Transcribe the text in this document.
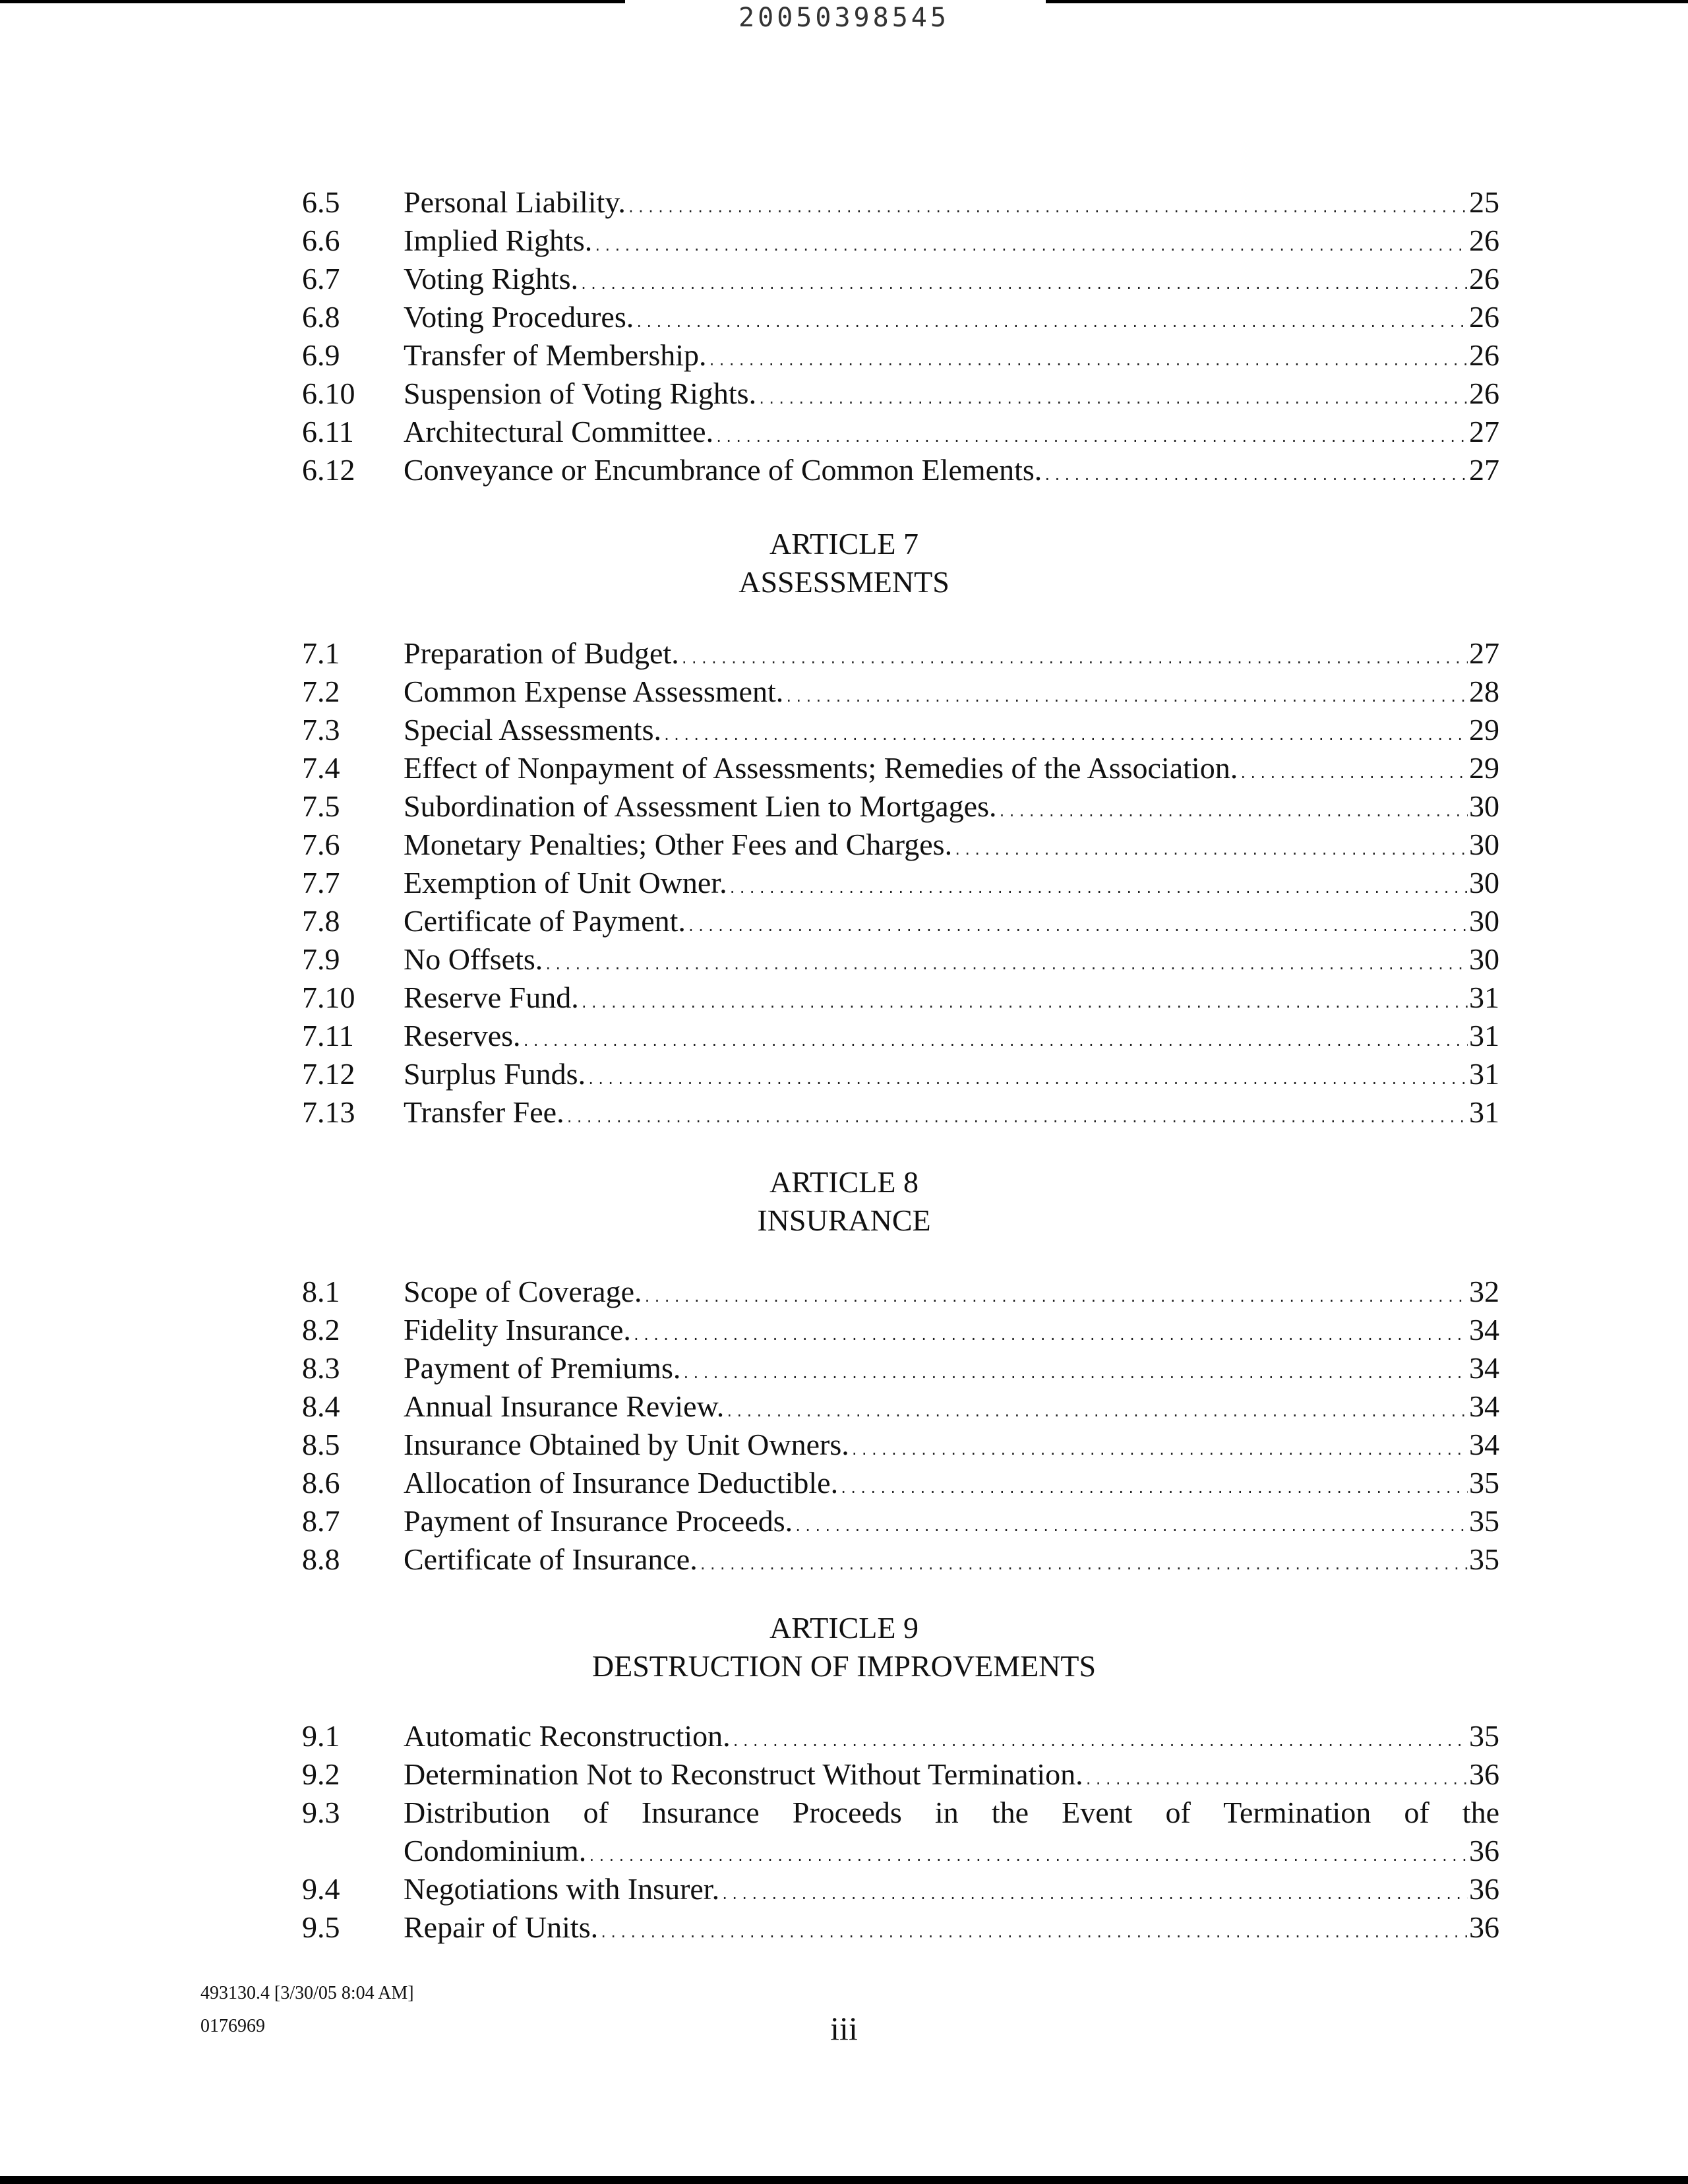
20050398545
6.5 Personal Liability. .....	25
6.6 Implied Rights. .....	26
6.7 Voting Rights. .....	26
6.8 Voting Procedures. .....	26
6.9 Transfer of Membership. .....	26
6.10 Suspension of Voting Rights. .....	26
6.11 Architectural Committee. .....	27
6.12 Conveyance or Encumbrance of Common Elements. .....	27
ARTICLE 7
ASSESSMENTS
7.1 Preparation of Budget. .....	27
7.2 Common Expense Assessment. .....	28
7.3 Special Assessments. .....	29
7.4 Effect of Nonpayment of Assessments; Remedies of the Association. .....	29
7.5 Subordination of Assessment Lien to Mortgages. .....	30
7.6 Monetary Penalties; Other Fees and Charges. .....	30
7.7 Exemption of Unit Owner. .....	30
7.8 Certificate of Payment. .....	30
7.9 No Offsets. .....	30
7.10 Reserve Fund. .....	31
7.11 Reserves. .....	31
7.12 Surplus Funds. .....	31
7.13 Transfer Fee. .....	31
ARTICLE 8
INSURANCE
8.1 Scope of Coverage. .....	32
8.2 Fidelity Insurance. .....	34
8.3 Payment of Premiums. .....	34
8.4 Annual Insurance Review. .....	34
8.5 Insurance Obtained by Unit Owners. .....	34
8.6 Allocation of Insurance Deductible. .....	35
8.7 Payment of Insurance Proceeds. .....	35
8.8 Certificate of Insurance. .....	35
ARTICLE 9
DESTRUCTION OF IMPROVEMENTS
9.1 Automatic Reconstruction. .....	35
9.2 Determination Not to Reconstruct Without Termination. .....	36
9.3 Distribution of Insurance Proceeds in the Event of Termination of the
Condominium. .....	36
9.4 Negotiations with Insurer. .....	36
9.5 Repair of Units. .....	36
493130.4 [3/30/05 8:04 AM]
0176969	iii
